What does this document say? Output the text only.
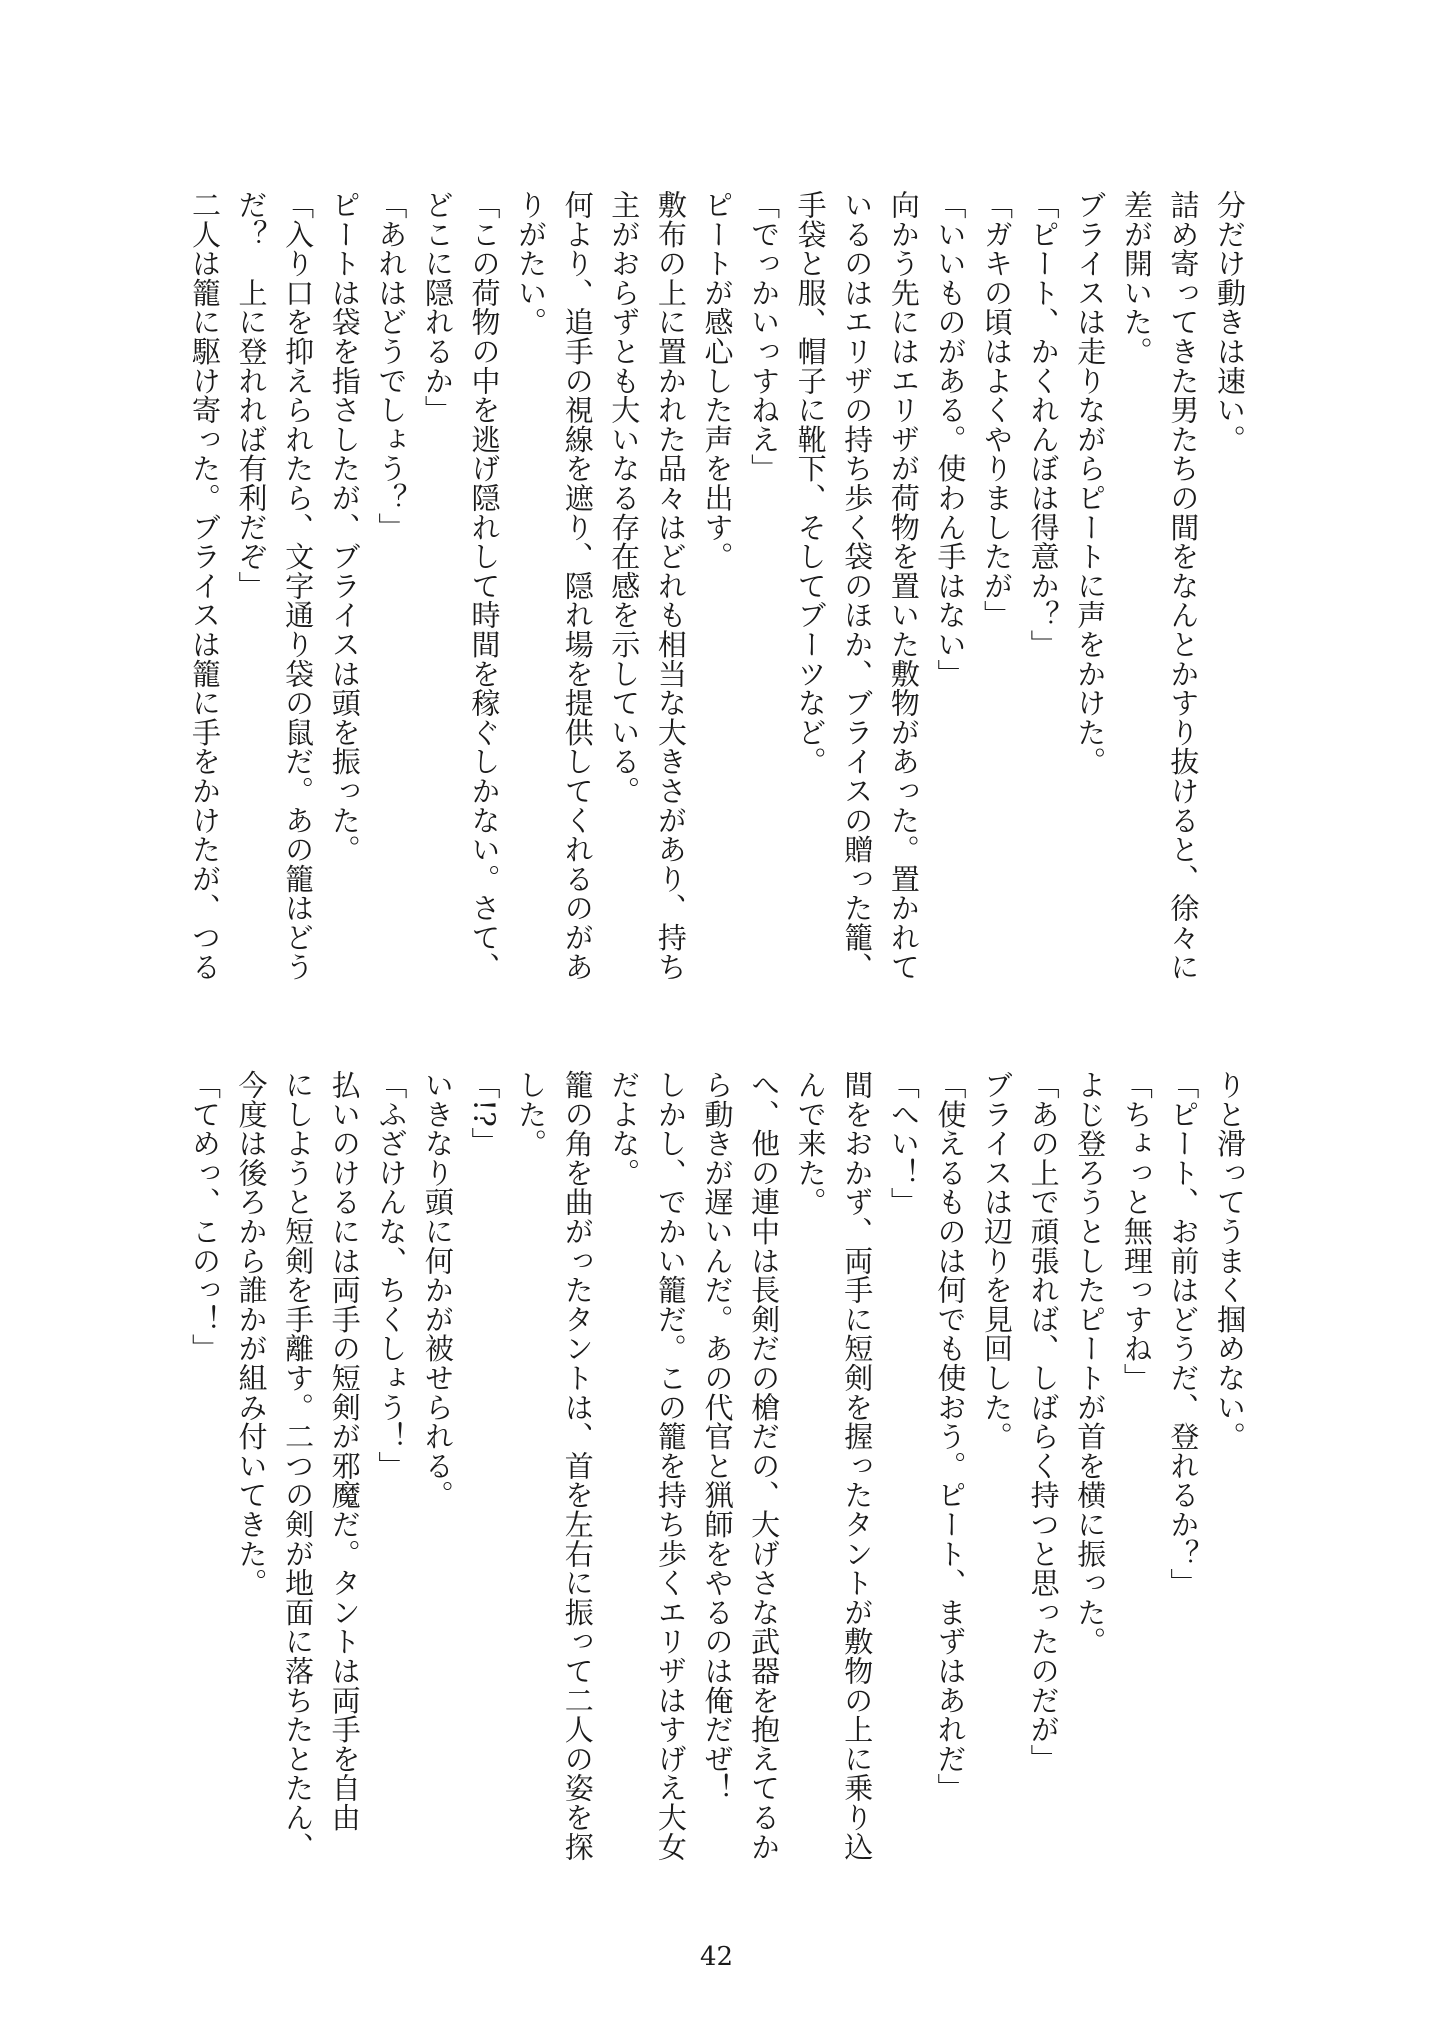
分だけ動きは速い。
詰め寄ってきた男たちの間をなんとかすり抜けると、徐々に
差が開いた。
ブライスは走りながらピートに声をかけた。
「ピート、かくれんぼは得意か？」
「ガキの頃はよくやりましたが」
「いいものがある。使わん手はない」
向かう先にはエリザが荷物を置いた敷物があった。置かれて
いるのはエリザの持ち歩く袋のほか、ブライスの贈った籠、
手袋と服、帽子に靴下、そしてブーツなど。
「でっかいっすねえ」
ピートが感心した声を出す。
敷布の上に置かれた品々はどれも相当な大きさがあり、持ち
主がおらずとも大いなる存在感を示している。
何より、追手の視線を遮り、隠れ場を提供してくれるのがあ
りがたい。
「この荷物の中を逃げ隠れして時間を稼ぐしかない。さて、
どこに隠れるか」
「あれはどうでしょう？」
ピートは袋を指さしたが、ブライスは頭を振った。
「入り口を抑えられたら、文字通り袋の鼠だ。あの籠はどう
だ？　上に登れれば有利だぞ」
二人は籠に駆け寄った。ブライスは籠に手をかけたが、つる
りと滑ってうまく掴めない。
「ピート、お前はどうだ、登れるか？」
「ちょっと無理っすね」
よじ登ろうとしたピートが首を横に振った。
「あの上で頑張れば、しばらく持つと思ったのだが」
ブライスは辺りを見回した。
「使えるものは何でも使おう。ピート、まずはあれだ」
「へい！」
間をおかず、両手に短剣を握ったタントが敷物の上に乗り込
んで来た。
へ、他の連中は長剣だの槍だの、大げさな武器を抱えてるか
ら動きが遅いんだ。あの代官と猟師をやるのは俺だぜ！
しかし、でかい籠だ。この籠を持ち歩くエリザはすげえ大女
だよな。
籠の角を曲がったタントは、首を左右に振って二人の姿を探
した。
「!?」
いきなり頭に何かが被せられる。
「ふざけんな、ちくしょう！」
払いのけるには両手の短剣が邪魔だ。タントは両手を自由
にしようと短剣を手離す。二つの剣が地面に落ちたとたん、
今度は後ろから誰かが組み付いてきた。
「てめっ、このっ！」
42
